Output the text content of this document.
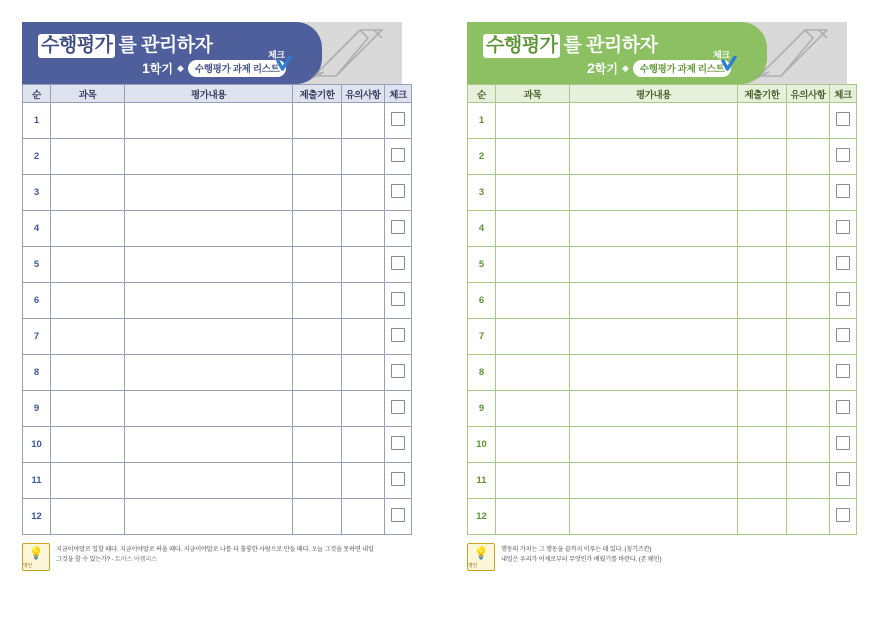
수행평가 를 관리하자
1학기 ◆ 수행평가 과제 리스트
체크
순	과목	평가내용	제출기한	유의사항	체크
1					
2					
3					
4					
5					
6					
7					
8					
9					
10					
11					
12					
💡
명언
지금이야말로 일할 때다. 지금이야말로 싸울 때다. 지금이야말로 나를 더 훌륭한 사람으로 만들 때다. 오늘 그것을 못하면 내일
그것을 할 수 있는가? - 토마스 아켐피스
수행평가 를 관리하자
2학기 ◆ 수행평가 과제 리스트
체크
순	과목	평가내용	제출기한	유의사항	체크
1					
2					
3					
4					
5					
6					
7					
8					
9					
10					
11					
12					
💡
명언
행동의 가치는 그 행동을 끝까지 이루는 데 있다. (칭기즈칸)
내일은 우리가 어제로부터 무엇인가 배웠기를 바란다. (존 웨인)
